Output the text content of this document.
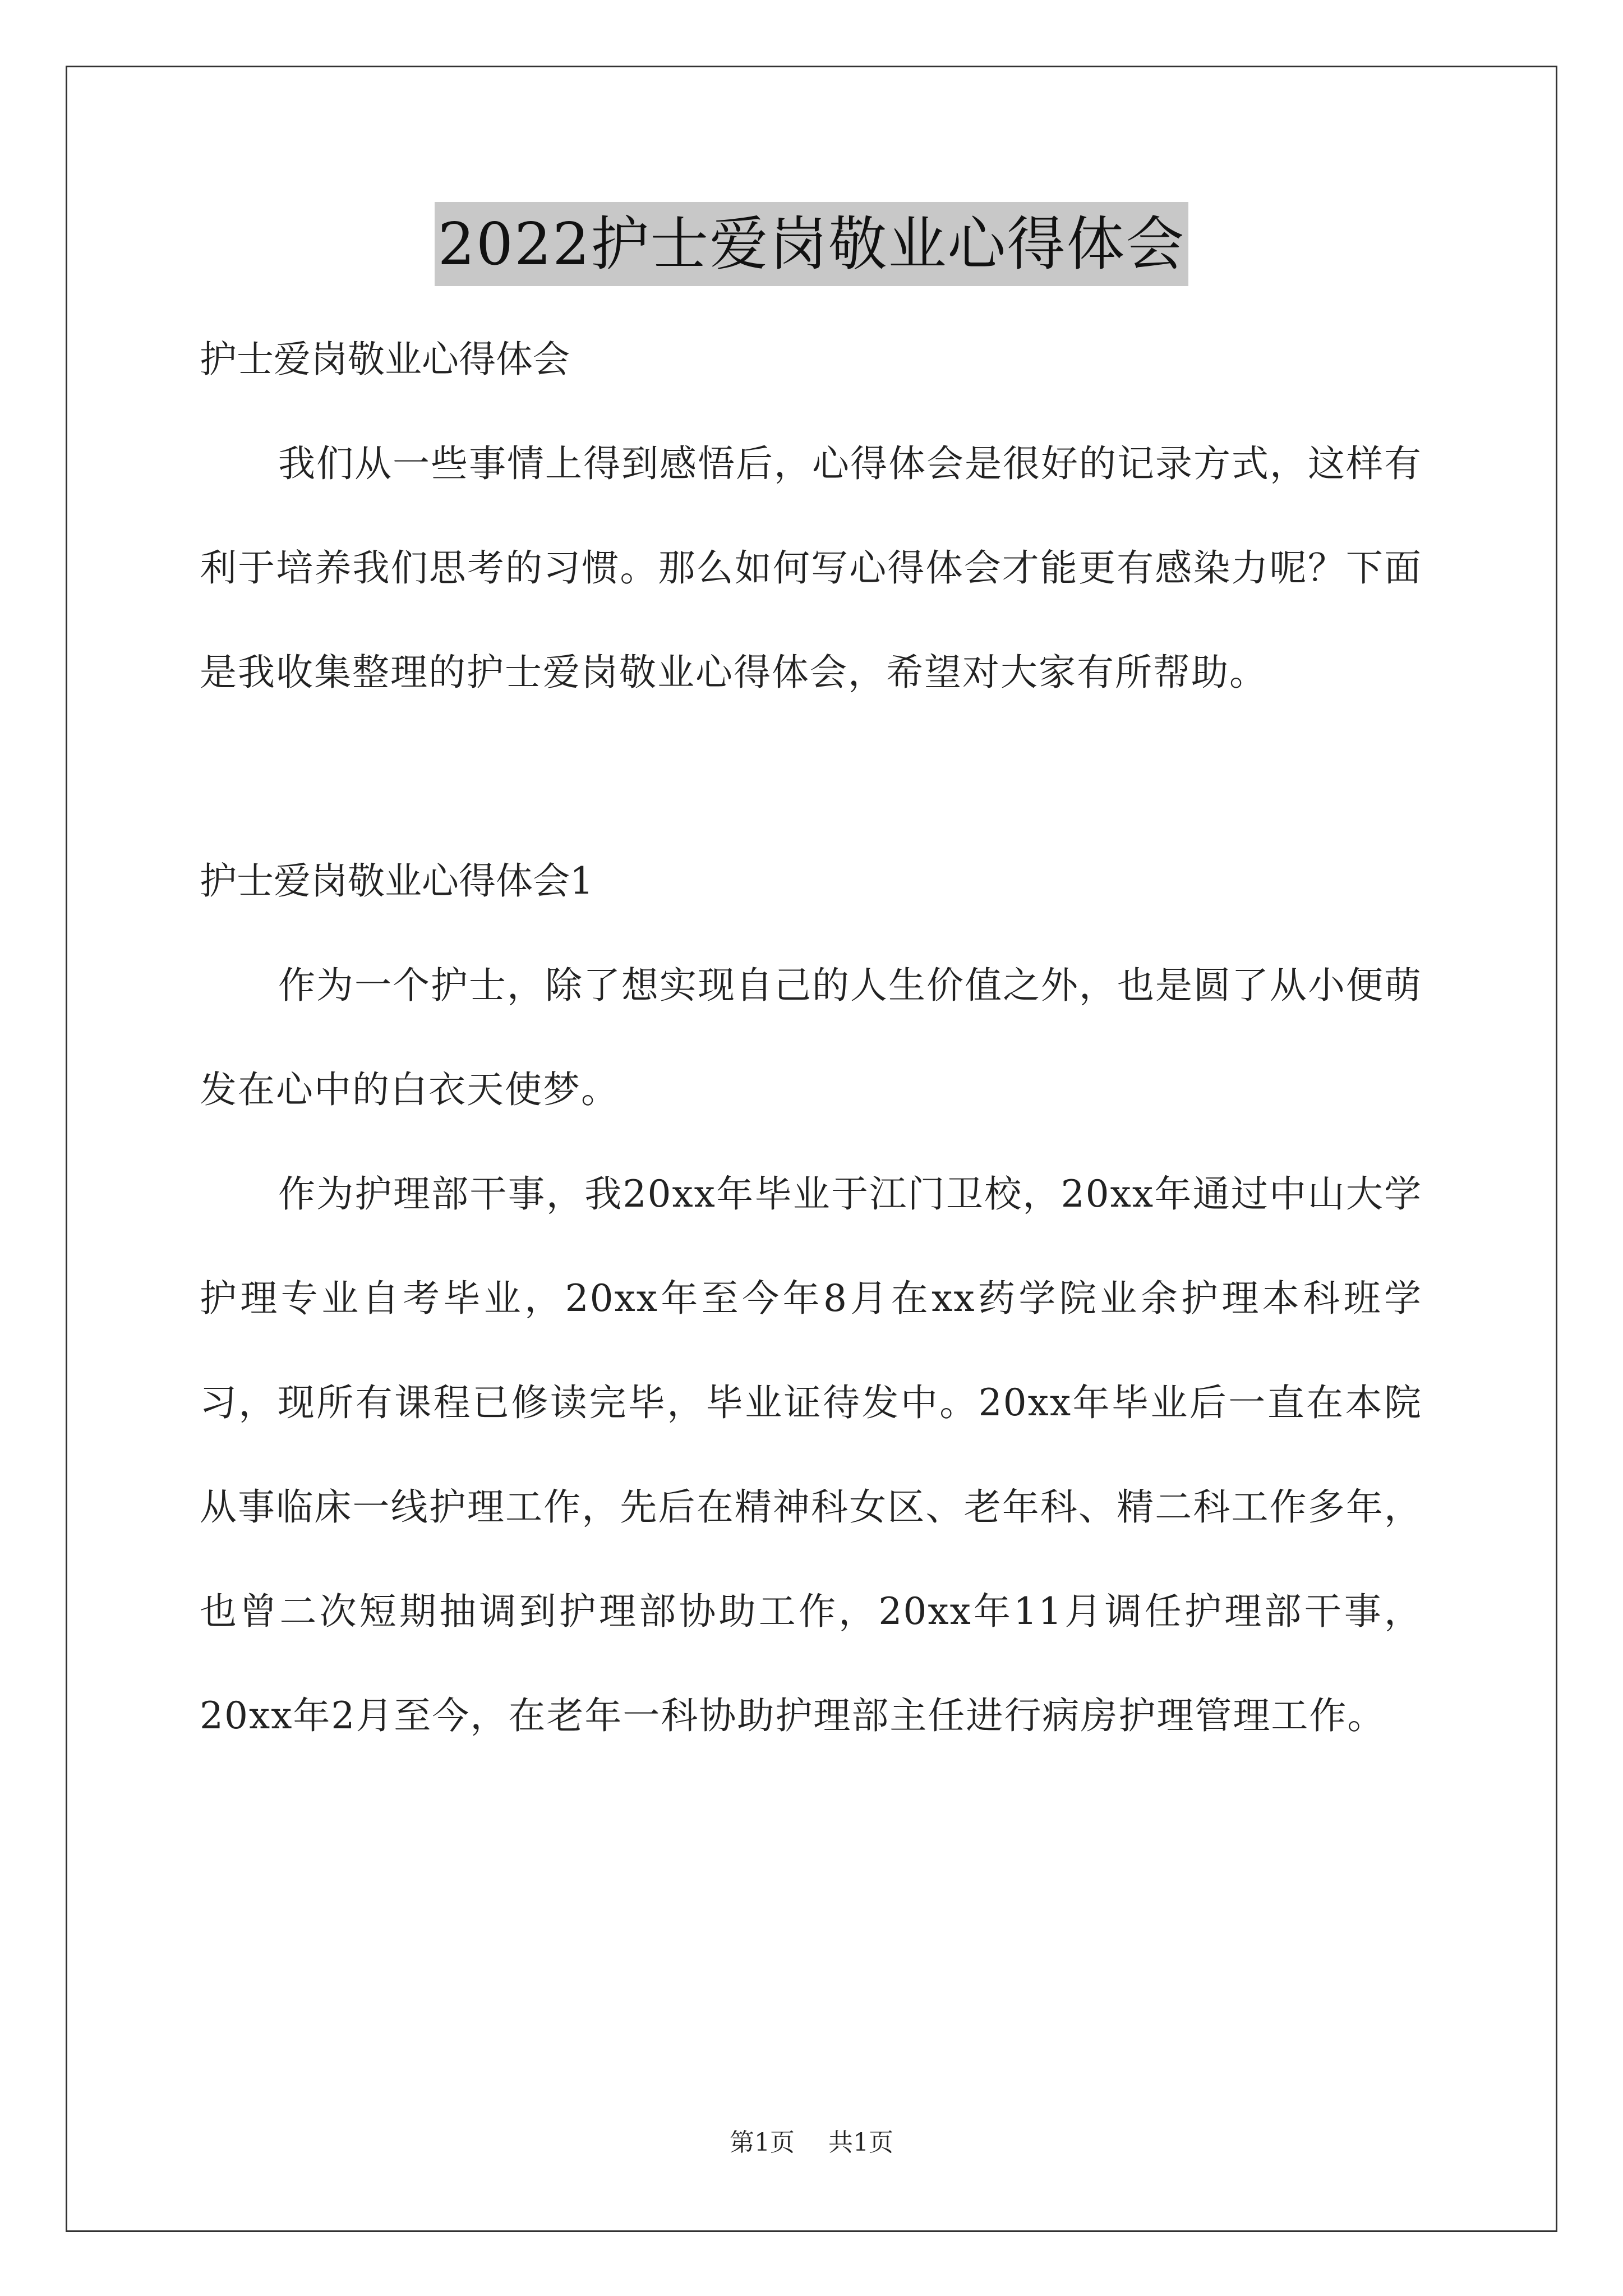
2022护士爱岗敬业心得体会

护士爱岗敬业心得体会

我们从一些事情上得到感悟后，心得体会是很好的记录方式，这样有利于培养我们思考的习惯。那么如何写心得体会才能更有感染力呢？下面是我收集整理的护士爱岗敬业心得体会，希望对大家有所帮助。

护士爱岗敬业心得体会1

作为一个护士，除了想实现自己的人生价值之外，也是圆了从小便萌发在心中的白衣天使梦。

作为护理部干事，我20xx年毕业于江门卫校，20xx年通过中山大学护理专业自考毕业，20xx年至今年8月在xx药学院业余护理本科班学习，现所有课程已修读完毕，毕业证待发中。20xx年毕业后一直在本院从事临床一线护理工作，先后在精神科女区、老年科、精二科工作多年，也曾二次短期抽调到护理部协助工作，20xx年11月调任护理部干事，20xx年2月至今，在老年一科协助护理部主任进行病房护理管理工作。

第1页 共1页
